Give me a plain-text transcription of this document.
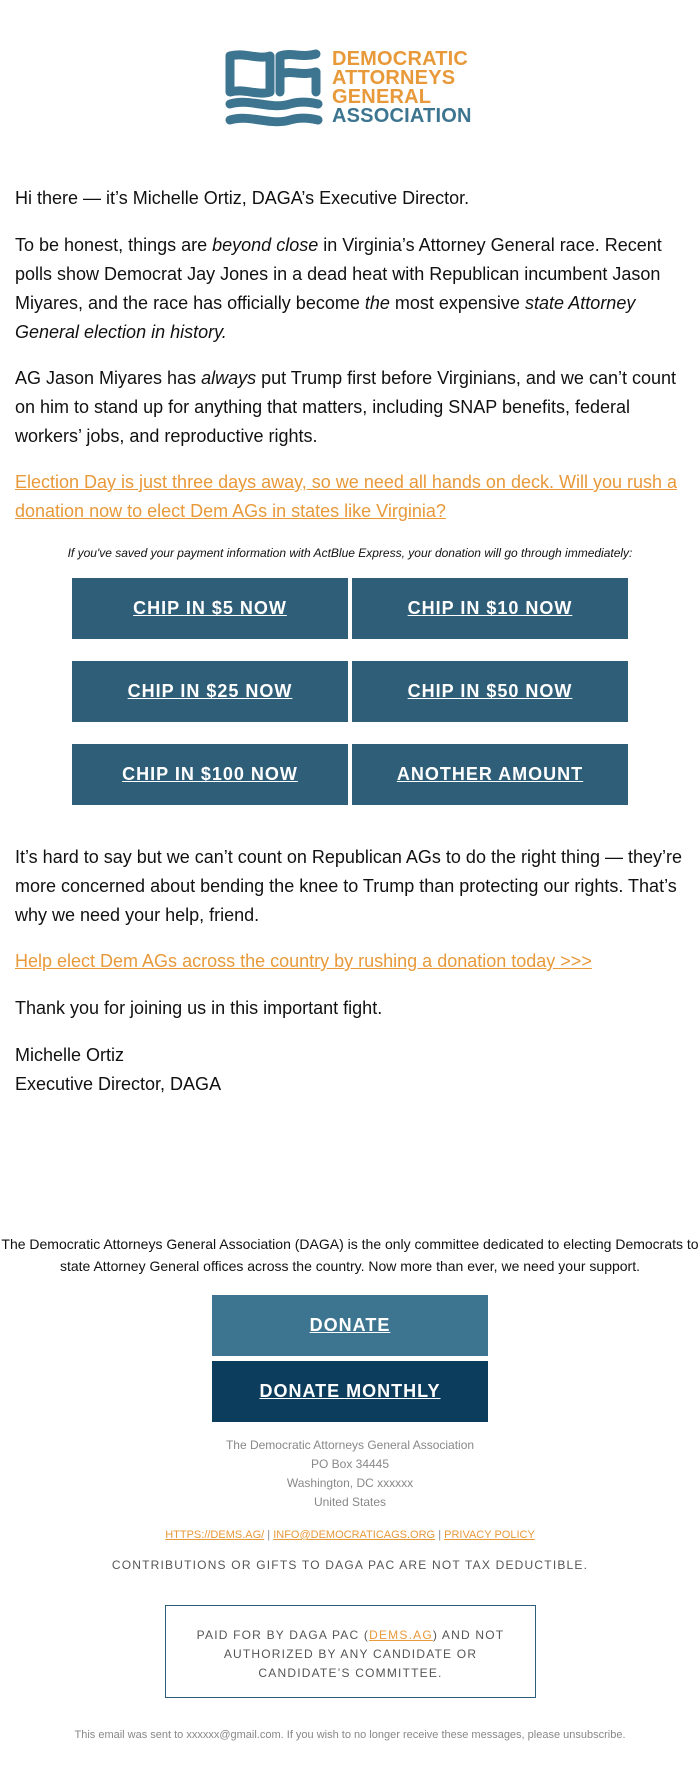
DEMOCRATIC
ATTORNEYS
GENERAL
ASSOCIATION

Hi there — it’s Michelle Ortiz, DAGA’s Executive Director.

To be honest, things are beyond close in Virginia’s Attorney General race. Recent polls show Democrat Jay Jones in a dead heat with Republican incumbent Jason Miyares, and the race has officially become the most expensive state Attorney General election in history.

AG Jason Miyares has always put Trump first before Virginians, and we can’t count on him to stand up for anything that matters, including SNAP benefits, federal workers’ jobs, and reproductive rights.

Election Day is just three days away, so we need all hands on deck. Will you rush a donation now to elect Dem AGs in states like Virginia?
If you've saved your payment information with ActBlue Express, your donation will go through immediately:
CHIP IN $5 NOW	CHIP IN $10 NOW
CHIP IN $25 NOW	CHIP IN $50 NOW
CHIP IN $100 NOW	ANOTHER AMOUNT

It’s hard to say but we can’t count on Republican AGs to do the right thing — they’re more concerned about bending the knee to Trump than protecting our rights. That’s why we need your help, friend.

Help elect Dem AGs across the country by rushing a donation today >>>

Thank you for joining us in this important fight.

Michelle Ortiz

Executive Director, DAGA

The Democratic Attorneys General Association (DAGA) is the only committee dedicated to electing Democrats to state Attorney General offices across the country. Now more than ever, we need your support.
DONATE
DONATE MONTHLY
The Democratic Attorneys General Association
PO Box 34445
Washington, DC xxxxxx
United States
HTTPS://DEMS.AG/ | INFO@DEMOCRATICAGS.ORG | PRIVACY POLICY
CONTRIBUTIONS OR GIFTS TO DAGA PAC ARE NOT TAX DEDUCTIBLE.
PAID FOR BY DAGA PAC (DEMS.AG) AND NOT AUTHORIZED BY ANY CANDIDATE OR CANDIDATE’S COMMITTEE.
This email was sent to xxxxxx@gmail.com. If you wish to no longer receive these messages, please unsubscribe.
